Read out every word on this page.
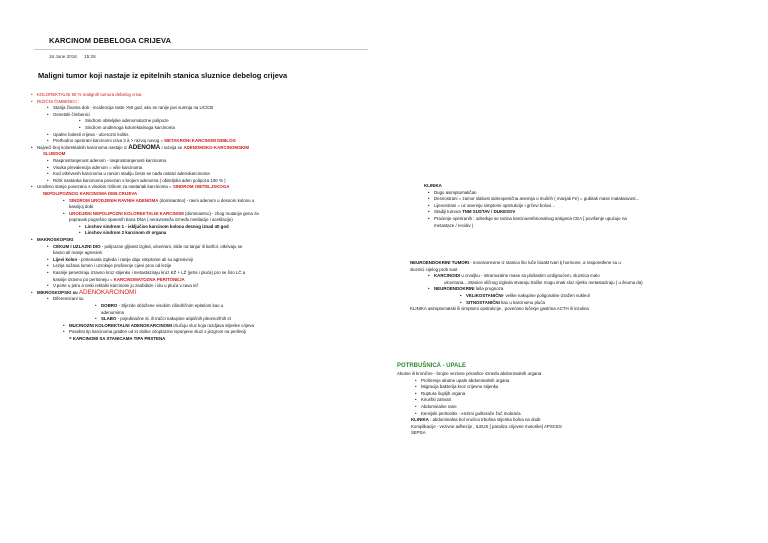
KARCINOM DEBELOGA CRIJEVA
18 June 2016 15:28
Maligni tumor koji nastaje iz epitelnih stanica sluznice debelog crijeva
• KOLOREKTALNI 90 % malignih tumora debelog criva
• RIZIČNI ČIMBENICI :
• Starija životna dob - incidencija raste >50 god, ako se ranije javi sumnja na UC/CB
• Genetski čimbenici
• Sindrom obiteljske adenomatozne polipoze
• Sindrom urođenoga kolorektalnoga karcinoma
• Upalne bolesti crijeva - ulcerozni kolitis
• Prethodno operirani karcinomi criva 3 à > razvoj novog = METAKRONI KARCINOM DEBLOG
• Najveći broj kolorektalnih karcinoma nastaje iz ADENOMA i razvija se ADENOMSKO-KARCINOMSKIM
SLIJEDOM
• Rasprostranjenost adenom - rasprostranjenosti karcinoma
• Visoka prevalencija adenom = više karcinoma
• Kod otkrivenih karcinoma u ranom stadiju često se nađu ostatci adenokarcinoma
• Rizik nastanka karcinoma povezan s brojem adenoma ( obiteljska aden polipoza 100 % )
• Urođeno stanje povezano s visokim rizikom za nastanak karcinoma = SINDROM OBITELJSKOGA
NEPOLIPOZNOG KARCINOMA DEB.CRIJEVA
• SINDROM URODJENIH RAVNIH ADENOMA (dominantno) - ravni adenom u desnom kolonu u
kasnijoj dobi
• URODJENI NEPOLIPOZNI KOLOREKTALNI KARCINOM (dominantno) - zbog mutacije gena za
popravak pogrešno sparenih baza DNA ( neravnoteža između metilacije i acetilacije)
• Linchov sindrom 1 - isključivo karcinom kolona desnog iznad 40 god
• Linchov sindrom 2 karcinom dr organa
• MAKROSKOPSKI
• CEKUM I UZLAZNI DIO - polipozan gljivast izgled, ulcerirani, slide na tanjur ili karfiol, otkrivaju se
kasno ali manje agresivni
• Lijevi kolon - prstenasta izgleda i ranije daju simptome ali su agresivniji
• Lezija sužava lumen i uzrokuje proširenje cijevi prox od lezije
• Kasnije penetriraju izravno kroz stijenku i metastaziraju kroz KŽ + LŽ (jetra i pluća) pro se širo LČ a
kasnije izravno po peritoneju = KARCINOMATOZNA PERITONEJA
• V.porte u jetru a niski rektalni karcinomi ju zaobilaze i idu u pluća v.cava inf
• MIKROSKOPSKI su ADENOKARCINOMI
• Diferencirani su
• DOBRO - Sljezde obložene visokim cilindričnim epitelom kao u
adenomima
• SLABO - pojedinačne st. ili tračci nakupine atipičnih pleomorfnih st
• MUCINOZNI KOLOREKTALNI ADENOKARCINOMI izlučuju sluz koja razdjava stijenke crijeva
• Posebni tip karcinoma građen od st obilne citoplazme ispunjene sluzi s jezgrom na periferiji
= KARCINOMI SA STANICAMA TIPA PRSTENA
KLINIKA
• Dugo asimptomatičan
• Desnostrani = zamor slabost sideropenična anemija u mušrih ( manjak Fe) = gubitak mase malaksavost...
• Lijevostrani = uz anemiju simptomi opstrukcije i grčevi bolovi...
• Stadiji tumora TNM SUSTAV / DUKESOV
• Praćenje operiranih : određuje se razina karcinoembrionalnog antigena CEA [ povišenje upućuje na
metastaze / recidiv )
NEUROENDOKRINI TUMORI - novotvorevine iz stanica što luče bioakt tvari tj hormone, a raspoređene su u
sluznici cijelog prob sust
• KARCINOIDI u crvuljku - intramuralne mase sa plošastim uzdignućem, sluznica malo
ulcerirana....Stanice sličnog izgleda stvaraju tračke mogu imati sluz rijetko metastaziraju ( u ileuma da)
• NEUROENDOKRINI laša prognoza
• VELIKOSTANIČNI- velike nakupine poligonalne izražen nukleol
• SITNOSTANIČNI kao u karcinomu pluća
KLINIKA asimptomatski ili simptomi opstrukcije , povećano lučenje gastrina ACTH ili inzulina
POTRBUŠNICA - UPALE
Akutne ili kronične - brojne vezivne priraslice između abdominalnih organa
• Proširenje akutne upale abdominalnih organa
• Migracija bakterija kroz crijevnu stijenku
• Ruptura šupljih organa
• Kirurški zahvati
• Abdominalne rane
• Kemijski peritonitis - enzimi gušterače žuč mokraća
KLINIKA : abdominalna bol vrućica trbušna stijenka bolna na dodir
Komplikacije - vezivne adhezije , ILEUS [ paraliza crijevne motorike] APSCES
SEPSA
